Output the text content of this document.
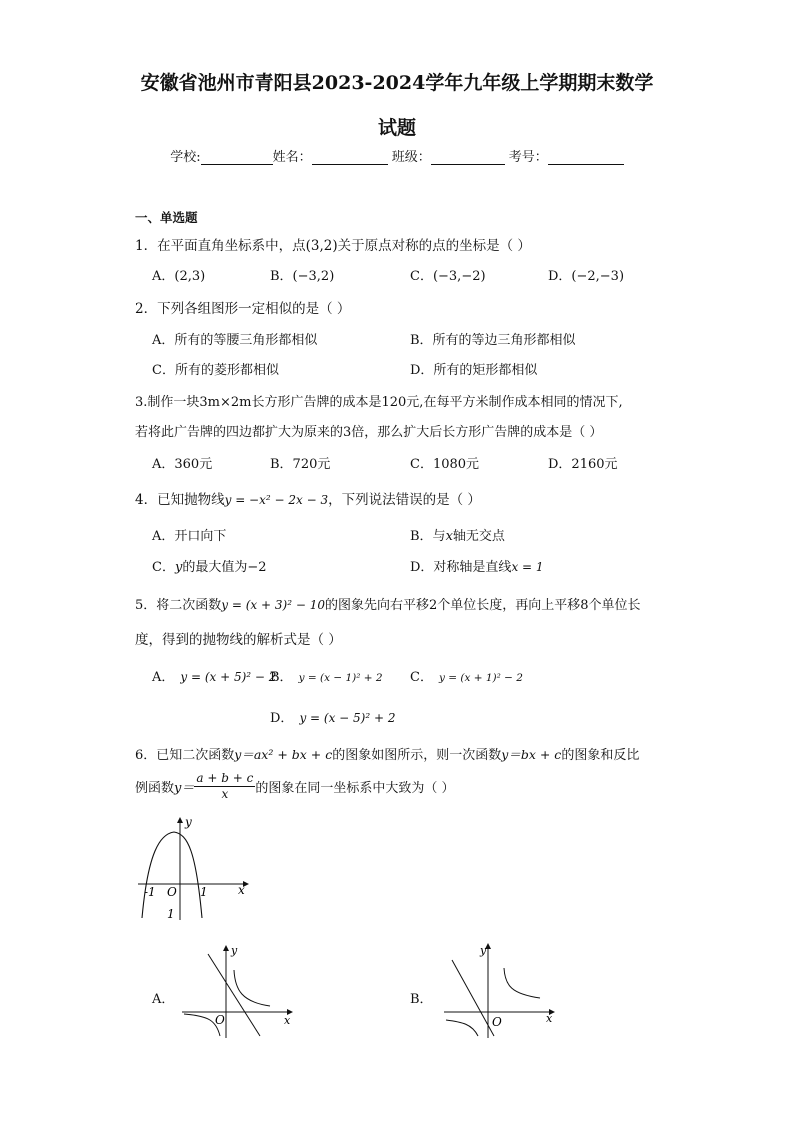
安徽省池州市青阳县2023-2024学年九年级上学期期末数学
试题
学校:	姓名：	班级：	考号：
一、单选题
1．在平面直角坐标系中，点(3,2)关于原点对称的点的坐标是（ ）
A．(2,3)	B．(−3,2)	C．(−3,−2)	D．(−2,−3)
2．下列各组图形一定相似的是（ ）
A．所有的等腰三角形都相似	B．所有的等边三角形都相似
C．所有的菱形都相似	D．所有的矩形都相似
3.制作一块3m×2m长方形广告牌的成本是120元,在每平方米制作成本相同的情况下,
若将此广告牌的四边都扩大为原来的3倍，那么扩大后长方形广告牌的成本是（ ）
A．360元	B．720元	C．1080元	D．2160元
4．已知抛物线y = −x² − 2x − 3，下列说法错误的是（ ）
A．开口向下	B．与x轴无交点
C．y的最大值为−2	D．对称轴是直线x = 1
5．将二次函数y = (x + 3)² − 10的图象先向右平移2个单位长度，再向上平移8个单位长
度，得到的抛物线的解析式是（ ）
A． y = (x + 5)² − 2
B． y = (x − 1)² + 2 C． y = (x + 1)² − 2
D． y = (x − 5)² + 2
6．已知二次函数y＝ax² + bx + c的图象如图所示，则一次函数y＝bx + c的图象和反比
例函数$y= \frac{a + b + c}{x}$ 的图象在同一坐标系中大致为（ ）
y
x
O
-1	1
1
A．
y
x
O
B．
y
x
O
